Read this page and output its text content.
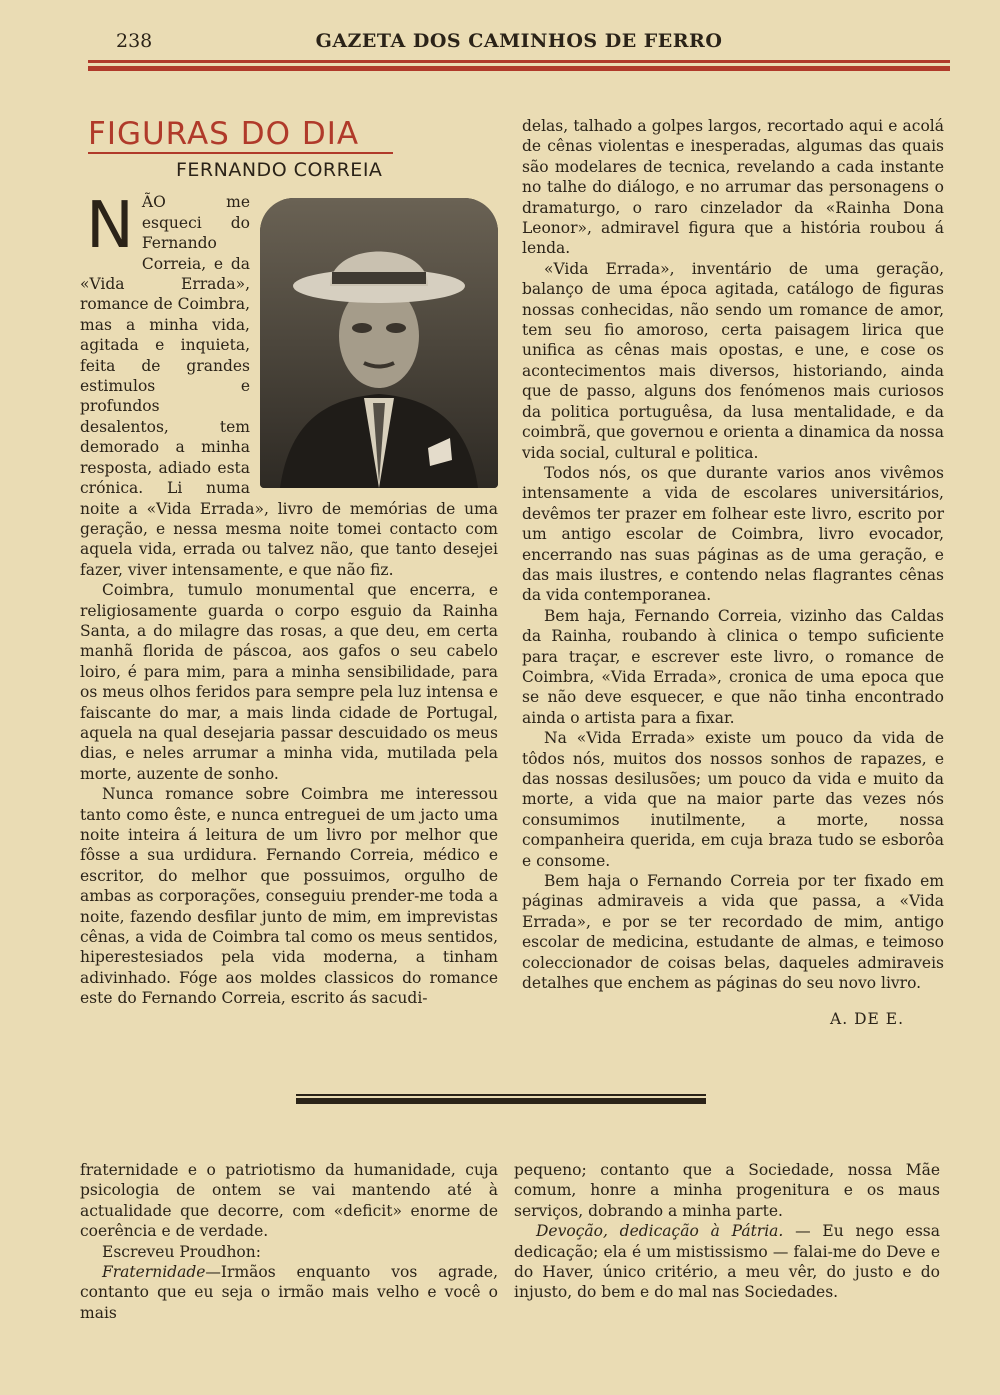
238	GAZETA DOS CAMINHOS DE FERRO
FIGURAS DO DIA
FERNANDO CORREIA
N ÃO me esqueci do Fernando Correia, e da «Vida Errada», romance de Coimbra, mas a minha vida, agitada e inquieta, feita de grandes estimulos e profundos desalentos, tem demorado a minha resposta, adiado esta crónica. Li numa noite a «Vida Errada», livro de memórias de uma geração, e nessa mesma noite tomei contacto com aquela vida, errada ou talvez não, que tanto desejei fazer, viver intensamente, e que não fiz.

Coimbra, tumulo monumental que encerra, e religiosamente guarda o corpo esguio da Rainha Santa, a do milagre das rosas, a que deu, em certa manhã florida de páscoa, aos gafos o seu cabelo loiro, é para mim, para a minha sensibilidade, para os meus olhos feridos para sempre pela luz intensa e faiscante do mar, a mais linda cidade de Portugal, aquela na qual desejaria passar descuidado os meus dias, e neles arrumar a minha vida, mutilada pela morte, auzente de sonho.

Nunca romance sobre Coimbra me interessou tanto como êste, e nunca entreguei de um jacto uma noite inteira á leitura de um livro por melhor que fôsse a sua urdidura. Fernando Correia, médico e escritor, do melhor que possuimos, orgulho de ambas as corporações, conseguiu prender-me toda a noite, fazendo desfilar junto de mim, em imprevistas cênas, a vida de Coimbra tal como os meus sentidos, hiperestesiados pela vida moderna, a tinham adivinhado. Fóge aos moldes classicos do romance este do Fernando Correia, escrito ás sacudi-

delas, talhado a golpes largos, recortado aqui e acolá de cênas violentas e inesperadas, algumas das quais são modelares de tecnica, revelando a cada instante no talhe do diálogo, e no arrumar das personagens o dramaturgo, o raro cinzelador da «Rainha Dona Leonor», admiravel figura que a história roubou á lenda.

«Vida Errada», inventário de uma geração, balanço de uma época agitada, catálogo de figuras nossas conhecidas, não sendo um romance de amor, tem seu fio amoroso, certa paisagem lirica que unifica as cênas mais opostas, e une, e cose os acontecimentos mais diversos, historiando, ainda que de passo, alguns dos fenómenos mais curiosos da politica portuguêsa, da lusa mentalidade, e da coimbrã, que governou e orienta a dinamica da nossa vida social, cultural e politica.

Todos nós, os que durante varios anos vivêmos intensamente a vida de escolares universitários, devêmos ter prazer em folhear este livro, escrito por um antigo escolar de Coimbra, livro evocador, encerrando nas suas páginas as de uma geração, e das mais ilustres, e contendo nelas flagrantes cênas da vida contemporanea.

Bem haja, Fernando Correia, vizinho das Caldas da Rainha, roubando à clinica o tempo suficiente para traçar, e escrever este livro, o romance de Coimbra, «Vida Errada», cronica de uma epoca que se não deve esquecer, e que não tinha encontrado ainda o artista para a fixar.

Na «Vida Errada» existe um pouco da vida de tôdos nós, muitos dos nossos sonhos de rapazes, e das nossas desilusões; um pouco da vida e muito da morte, a vida que na maior parte das vezes nós consumimos inutilmente, a morte, nossa companheira querida, em cuja braza tudo se esborôa e consome.

Bem haja o Fernando Correia por ter fixado em páginas admiraveis a vida que passa, a «Vida Errada», e por se ter recordado de mim, antigo escolar de medicina, estudante de almas, e teimoso coleccionador de coisas belas, daqueles admiraveis detalhes que enchem as páginas do seu novo livro.

A. DE E.

fraternidade e o patriotismo da humanidade, cuja psicologia de ontem se vai mantendo até à actualidade que decorre, com «deficit» enorme de coerência e de verdade.

Escreveu Proudhon:

Fraternidade—Irmãos enquanto vos agrade, contanto que eu seja o irmão mais velho e você o mais

pequeno; contanto que a Sociedade, nossa Mãe comum, honre a minha progenitura e os maus serviços, dobrando a minha parte.

Devoção, dedicação à Pátria. — Eu nego essa dedicação; ela é um mistissismo — falai-me do Deve e do Haver, único critério, a meu vêr, do justo e do injusto, do bem e do mal nas Sociedades.
